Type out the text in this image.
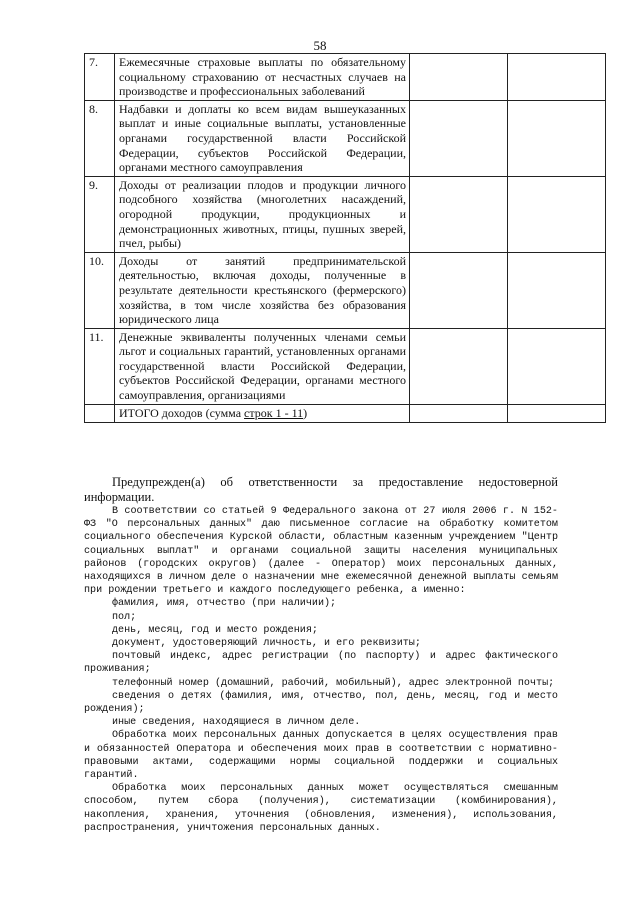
58
7.	Ежемесячные страховые выплаты по обязательному социальному страхованию от несчастных случаев на производстве и профессиональных заболеваний		
8.	Надбавки и доплаты ко всем видам вышеуказанных выплат и иные социальные выплаты, установленные органами государственной власти Российской Федерации, субъектов Российской Федерации, органами местного самоуправления		
9.	Доходы от реализации плодов и продукции личного подсобного хозяйства (многолетних насаждений, огородной продукции, продукционных и демонстрационных животных, птицы, пушных зверей, пчел, рыбы)		
10.	Доходы от занятий предпринимательской деятельностью, включая доходы, полученные в результате деятельности крестьянского (фермерского) хозяйства, в том числе хозяйства без образования юридического лица		
11.	Денежные эквиваленты полученных членами семьи льгот и социальных гарантий, установленных органами государственной власти Российской Федерации, субъектов Российской Федерации, органами местного самоуправления, организациями		
	ИТОГО доходов (сумма строк 1 - 11)		
Предупрежден(а) об ответственности за предоставление недостоверной информации.

В соответствии со статьей 9 Федерального закона от 27 июля 2006 г. N 152-ФЗ "О персональных данных" даю письменное согласие на обработку комитетом социального обеспечения Курской области, областным казенным учреждением "Центр социальных выплат" и органами социальной защиты населения муниципальных районов (городских округов) (далее - Оператор) моих персональных данных, находящихся в личном деле о назначении мне ежемесячной денежной выплаты семьям при рождении третьего и каждого последующего ребенка, а именно:

фамилия, имя, отчество (при наличии);

пол;

день, месяц, год и место рождения;

документ, удостоверяющий личность, и его реквизиты;

почтовый индекс, адрес регистрации (по паспорту) и адрес фактического проживания;

телефонный номер (домашний, рабочий, мобильный), адрес электронной почты;

сведения о детях (фамилия, имя, отчество, пол, день, месяц, год и место рождения);

иные сведения, находящиеся в личном деле.

Обработка моих персональных данных допускается в целях осуществления прав и обязанностей Оператора и обеспечения моих прав в соответствии с нормативно-правовыми актами, содержащими нормы социальной поддержки и социальных гарантий.

Обработка моих персональных данных может осуществляться смешанным способом, путем сбора (получения), систематизации (комбинирования), накопления, хранения, уточнения (обновления, изменения), использования, распространения, уничтожения персональных данных.
